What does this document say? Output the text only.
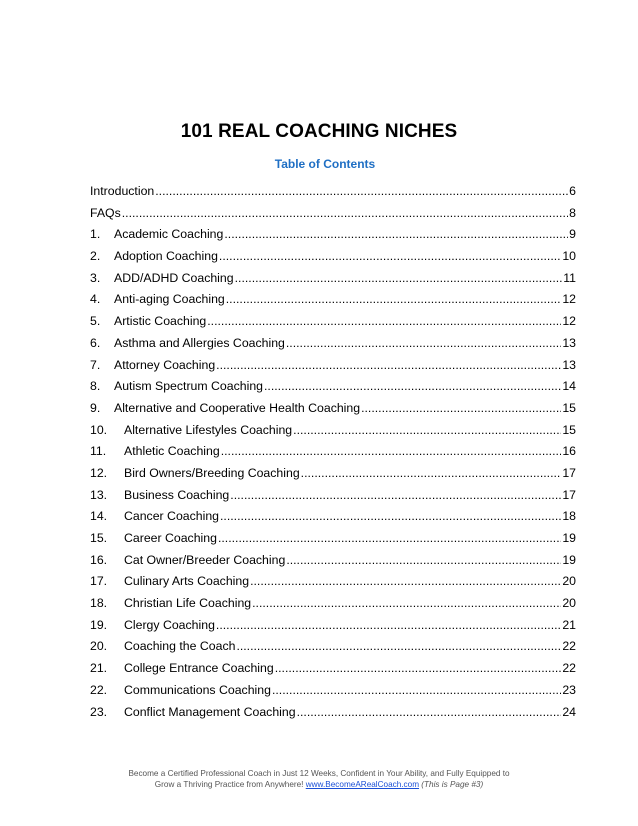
101 REAL COACHING NICHES
Table of Contents
Introduction .....	6
FAQs .....	8
1.	Academic Coaching .....	9
2.	Adoption Coaching .....	10
3.	ADD/ADHD Coaching .....	11
4.	Anti-aging Coaching .....	12
5.	Artistic Coaching .....	12
6.	Asthma and Allergies Coaching .....	13
7.	Attorney Coaching .....	13
8.	Autism Spectrum Coaching .....	14
9.	Alternative and Cooperative Health Coaching .....	15
10.	Alternative Lifestyles Coaching .....	15
11.	Athletic Coaching .....	16
12.	Bird Owners/Breeding Coaching .....	17
13.	Business Coaching .....	17
14.	Cancer Coaching .....	18
15.	Career Coaching .....	19
16.	Cat Owner/Breeder Coaching .....	19
17.	Culinary Arts Coaching .....	20
18.	Christian Life Coaching .....	20
19.	Clergy Coaching .....	21
20.	Coaching the Coach .....	22
21.	College Entrance Coaching .....	22
22.	Communications Coaching .....	23
23.	Conflict Management Coaching .....	24
Become a Certified Professional Coach in Just 12 Weeks, Confident in Your Ability, and Fully Equipped to
Grow a Thriving Practice from Anywhere! www.BecomeARealCoach.com (This is Page #3)
